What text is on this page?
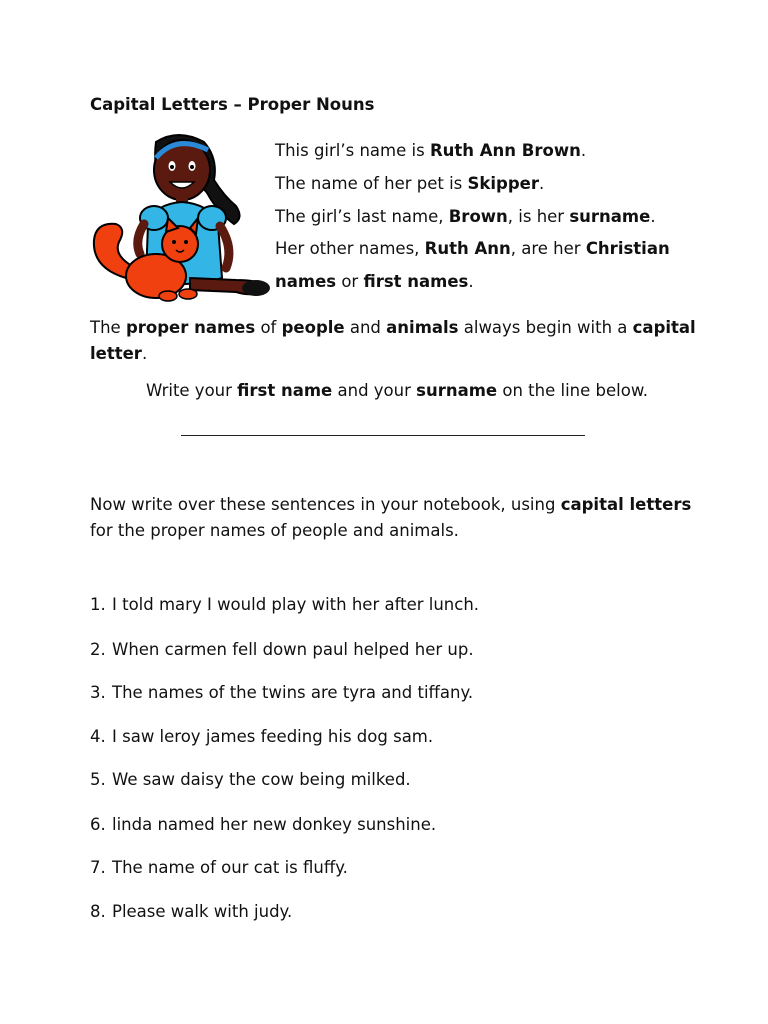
Capital Letters – Proper Nouns
This girl’s name is Ruth Ann Brown.
The name of her pet is Skipper.
The girl’s last name, Brown, is her surname.
Her other names, Ruth Ann, are her Christian
names or first names.
The proper names of people and animals always begin with a capital
letter.
Write your first name and your surname on the line below.
Now write over these sentences in your notebook, using capital letters
for the proper names of people and animals.
1. I told mary I would play with her after lunch.
2. When carmen fell down paul helped her up.
3. The names of the twins are tyra and tiffany.
4. I saw leroy james feeding his dog sam.
5. We saw daisy the cow being milked.
6. linda named her new donkey sunshine.
7. The name of our cat is fluffy.
8. Please walk with judy.
